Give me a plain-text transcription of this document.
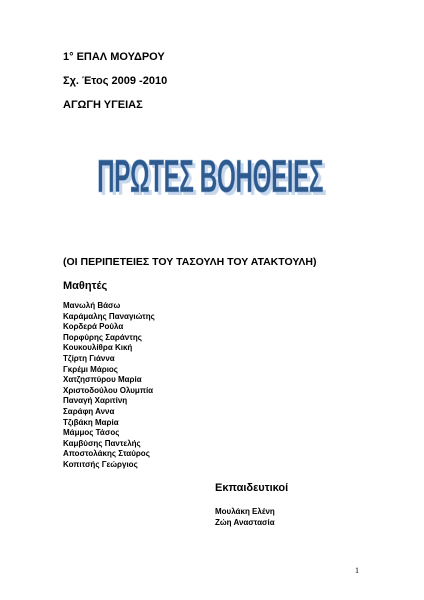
1° ΕΠΑΛ ΜΟΥΔΡΟΥ
Σχ. Έτος 2009 -2010
ΑΓΩΓΗ ΥΓΕΙΑΣ
ΠΡΩΤΕΣ ΒΟΗΘΕΙΕΣ
ΠΡΩΤΕΣ ΒΟΗΘΕΙΕΣ
(ΟΙ ΠΕΡΙΠΕΤΕΙΕΣ ΤΟΥ ΤΑΣΟΥΛΗ ΤΟΥ ΑΤΑΚΤΟΥΛΗ)
Μαθητές
Μανωλή Βάσω
Καράμαλης Παναγιώτης
Κορδερά Ρούλα
Πορφύρης Σαράντης
Κουκουλίθρα Κική
Τζίρτη Γιάννα
Γκρέμι Μάριος
Χατζησπύρου Μαρία
Χριστοδούλου Ολυμπία
Παναγή Χαριτίνη
Σαράφη Αννα
Τζιβάκη Μαρία
Μάμμος Τάσος
Καμβύσης Παντελής
Αποστολάκης Σταύρος
Κοπιτσής Γεώργιος
Εκπαιδευτικοί
Μουλάκη Ελένη
Ζώη Αναστασία
1
